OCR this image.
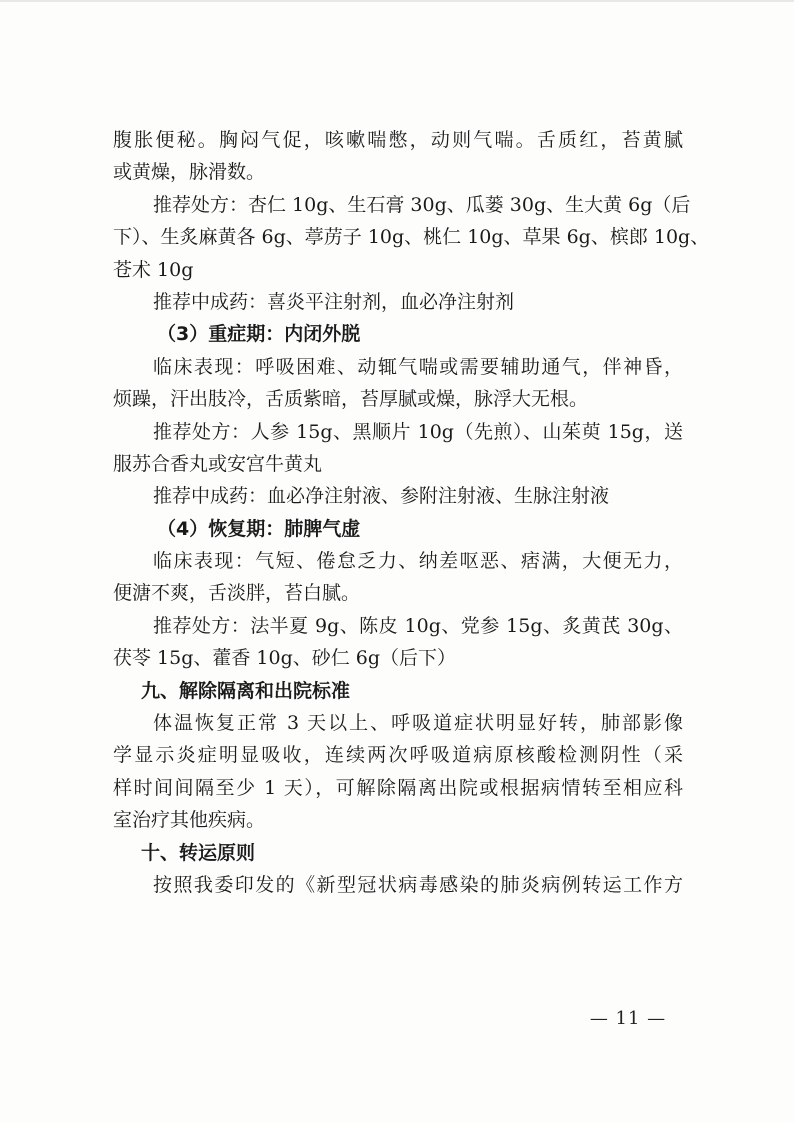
腹胀便秘。胸闷气促，咳嗽喘憋，动则气喘。舌质红，苔黄腻
或黄燥，脉滑数。
推荐处方：杏仁 10g、生石膏 30g、瓜蒌 30g、生大黄 6g（后
下）、生炙麻黄各 6g、葶苈子 10g、桃仁 10g、草果 6g、槟郎 10g、
苍术 10g
推荐中成药：喜炎平注射剂，血必净注射剂
（3）重症期：内闭外脱
临床表现：呼吸困难、动辄气喘或需要辅助通气，伴神昏，
烦躁，汗出肢冷，舌质紫暗，苔厚腻或燥，脉浮大无根。
推荐处方：人参 15g、黑顺片 10g（先煎）、山茱萸 15g，送
服苏合香丸或安宫牛黄丸
推荐中成药：血必净注射液、参附注射液、生脉注射液
（4）恢复期：肺脾气虚
临床表现：气短、倦怠乏力、纳差呕恶、痞满，大便无力，
便溏不爽，舌淡胖，苔白腻。
推荐处方：法半夏 9g、陈皮 10g、党参 15g、炙黄芪 30g、
茯苓 15g、藿香 10g、砂仁 6g（后下）
九、解除隔离和出院标准
体温恢复正常 3 天以上、呼吸道症状明显好转，肺部影像
学显示炎症明显吸收，连续两次呼吸道病原核酸检测阴性（采
样时间间隔至少 1 天），可解除隔离出院或根据病情转至相应科
室治疗其他疾病。
十、转运原则
按照我委印发的《新型冠状病毒感染的肺炎病例转运工作方
— 11 —
